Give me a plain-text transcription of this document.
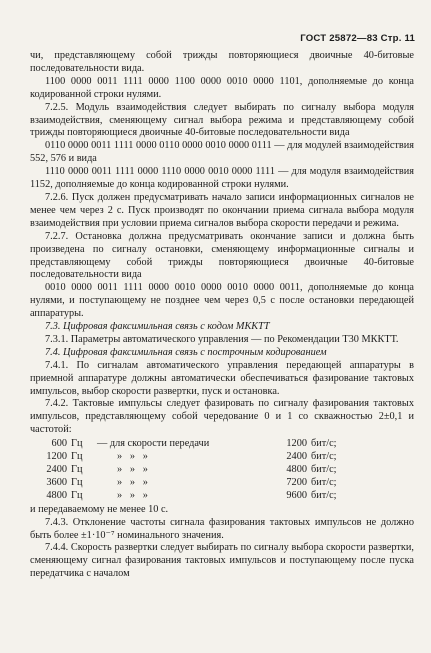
ГОСТ 25872—83 Стр. 11

чи, представляющему собой трижды повторяющиеся двоичные 40-битовые последовательности вида.

1100 0000 0011 1111 0000 1100 0000 0010 0000 1101, дополняемые до конца кодированной строки нулями.

7.2.5. Модуль взаимодействия следует выбирать по сигналу выбора модуля взаимодействия, сменяющему сигнал выбора режима и представляющему собой трижды повторяющиеся двоичные 40-битовые последовательности вида

0110 0000 0011 1111 0000 0110 0000 0010 0000 0111 — для модулей взаимодействия 552, 576 и вида

1110 0000 0011 1111 0000 1110 0000 0010 0000 1111 — для модуля взаимодействия 1152, дополняемые до конца кодированной строки нулями.

7.2.6. Пуск должен предусматривать начало записи информационных сигналов не менее чем через 2 с. Пуск производят по окончании приема сигнала выбора модуля взаимодействия при условии приема сигналов выбора скорости передачи и режима.

7.2.7. Остановка должна предусматривать окончание записи и должна быть произведена по сигналу остановки, сменяющему информационные сигналы и представляющему собой трижды повторяющиеся двоичные 40-битовые последовательности вида

0010 0000 0011 1111 0000 0010 0000 0010 0000 0011, дополняемые до конца нулями, и поступающему не позднее чем через 0,5 с после остановки передающей аппаратуры.

7.3. Цифровая факсимильная связь с кодом МККТТ

7.3.1. Параметры автоматического управления — по Рекомендации Т30 МККТТ.

7.4. Цифровая факсимильная связь с построчным кодированием

7.4.1. По сигналам автоматического управления передающей аппаратуры в приемной аппаратуре должны автоматически обеспечиваться фазирование тактовых импульсов, выбор скорости развертки, пуск и остановка.

7.4.2. Тактовые импульсы следует фазировать по сигналу фазирования тактовых импульсов, представляющему собой чередование 0 и 1 со скважностью 2±0,1 и частотой:

600	Гц	— для скорости передачи	1200	бит/с;
1200	Гц	»   »   »	2400	бит/с;
2400	Гц	»   »   »	4800	бит/с;
3600	Гц	»   »   »	7200	бит/с;
4800	Гц	»   »   »	9600	бит/с;

и передаваемому не менее 10 с.

7.4.3. Отклонение частоты сигнала фазирования тактовых импульсов не должно быть более ±1·10⁻⁷ номинального значения.

7.4.4. Скорость развертки следует выбирать по сигналу выбора скорости развертки, сменяющему сигнал фазирования тактовых импульсов и поступающему после пуска передатчика с началом
